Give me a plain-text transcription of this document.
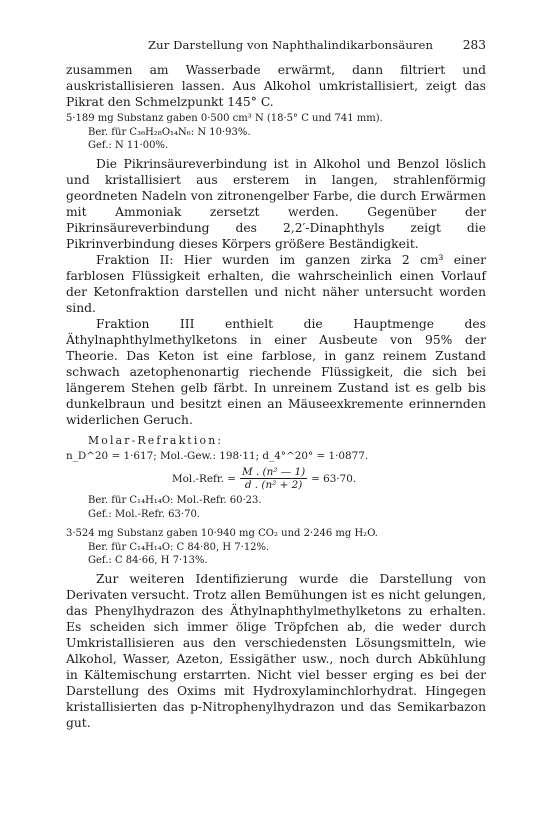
Zur Darstellung von Naphthalindikarbonsäuren 283

zusammen am Wasserbade erwärmt, dann filtriert und auskristallisieren lassen. Aus Alkohol umkristallisiert, zeigt das Pikrat den Schmelzpunkt 145° C.

5·189 mg Substanz gaben 0·500 cm³ N (18·5° C und 741 mm).
Ber. für C₃₆H₂₈O₁₄N₆: N 10·93%.
Gef.: N 11·00%.

Die Pikrinsäureverbindung ist in Alkohol und Benzol löslich und kristallisiert aus ersterem in langen, strahlenförmig geordneten Nadeln von zitronengelber Farbe, die durch Erwärmen mit Ammoniak zersetzt werden. Gegenüber der Pikrinsäureverbindung des 2,2′-Dinaphthyls zeigt die Pikrinverbindung dieses Körpers größere Beständigkeit.

Fraktion II: Hier wurden im ganzen zirka 2 cm³ einer farblosen Flüssigkeit erhalten, die wahrscheinlich einen Vorlauf der Ketonfraktion darstellen und nicht näher untersucht worden sind.

Fraktion III enthielt die Hauptmenge des Äthylnaphthylmethylketons in einer Ausbeute von 95% der Theorie. Das Keton ist eine farblose, in ganz reinem Zustand schwach azetophenonartig riechende Flüssigkeit, die sich bei längerem Stehen gelb färbt. In unreinem Zustand ist es gelb bis dunkelbraun und besitzt einen an Mäuseexkremente erinnernden widerlichen Geruch.

Molar-Refraktion:
n_D^20 = 1·617; Mol.-Gew.: 198·11; d_4°^20° = 1·0877.
Mol.-Refr. = $\frac{\text{M . (n² — 1)}}{\text{d . (n² + 2)}} = 63\cdot 70$.
Ber. für C₁₄H₁₄O: Mol.-Refr. 60·23.
Gef.: Mol.-Refr. 63·70.
3·524 mg Substanz gaben 10·940 mg CO₂ und 2·246 mg H₂O.
Ber. für C₁₄H₁₄O: C 84·80, H 7·12%.
Gef.: C 84·66, H 7·13%.

Zur weiteren Identifizierung wurde die Darstellung von Derivaten versucht. Trotz allen Bemühungen ist es nicht gelungen, das Phenylhydrazon des Äthylnaphthylmethylketons zu erhalten. Es scheiden sich immer ölige Tröpfchen ab, die weder durch Umkristallisieren aus den verschiedensten Lösungsmitteln, wie Alkohol, Wasser, Azeton, Essigäther usw., noch durch Abkühlung in Kältemischung erstarrten. Nicht viel besser erging es bei der Darstellung des Oxims mit Hydroxylaminchlorhydrat. Hingegen kristallisierten das p-Nitrophenylhydrazon und das Semikarbazon gut.
